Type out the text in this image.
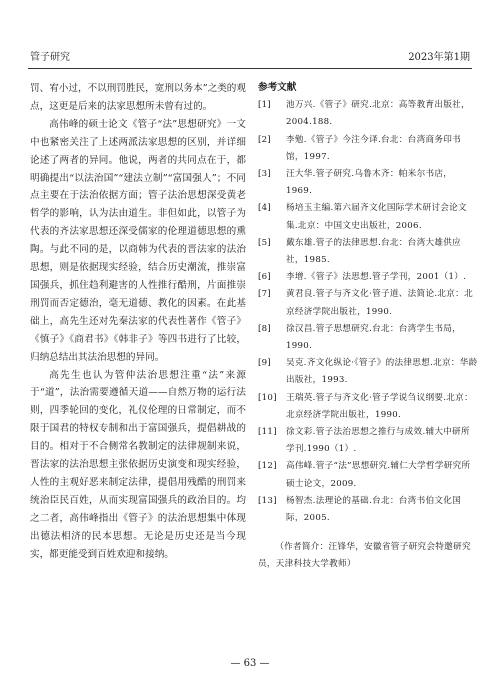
管子研究	2023年第1期

罚、宥小过，不以刑罚胜民，宽刑以务本”之类的观点，这更是后来的法家思想所未曾有过的。

高伟峰的硕士论文《管子“法”思想研究》一文中也紧密关注了上述两派法家思想的区别，并详细论述了两者的异同。他说，两者的共同点在于，都明确提出“以法治国”“建法立制”“富国强人”；不同点主要在于法治依据方面；管子法治思想深受黄老哲学的影响，认为法由道生。非但如此，以管子为代表的齐法家思想还深受儒家的伦理道德思想的熏陶。与此不同的是，以商韩为代表的晋法家的法治思想，则是依据现实经验，结合历史潮流，推崇富国强兵，抓住趋利避害的人性推行酷刑，片面推崇刑罚而否定德治，毫无道德、教化的因素。在此基础上，高先生还对先秦法家的代表性著作《管子》《慎子》《商君书》《韩非子》等四书进行了比较，归纳总结出其法治思想的异同。

高先生也认为管仲法治思想注重“法”来源于“道”，法治需要遵循天道——自然万物的运行法则，四季轮回的变化，礼仪伦理的日常制定，而不限于国君的特权专制和出于富国强兵，提倡耕战的目的。相对于不合侧常名教制定的法律规制来说，晋法家的法治思想主张依据历史演变和现实经验，人性的主观好恶来制定法律，提倡用残酷的刑罚来统治臣民百姓，从而实现富国强兵的政治目的。均之二者，高伟峰指出《管子》的法治思想集中体现出德法相济的民本思想。无论是历史还是当今现实，都更能受到百姓欢迎和接纳。

参考文献
[1]	池万兴.《管子》研究.北京：高等教育出版社，2004.188.
[2]	李勉.《管子》今注今译.台北：台湾商务印书馆，1997.
[3]	汪大华.管子研究.乌鲁木齐：帕米尔书店，1969.
[4]	杨培玉主编.第六届齐文化国际学术研讨会论文集.北京：中国文史出版社，2006.
[5]	戴东雄.管子的法律思想.台北：台湾大雄供应社，1985.
[6]	李增.《管子》法思想.管子学刊，2001（1）.
[7]	黄君良.管子与齐文化·管子道、法简论.北京：北京经济学院出版社，1990.
[8]	徐汉昌.管子思想研究.台北：台湾学生书局，1990.
[9]	吴克.齐文化纵论·《管子》的法律思想.北京：华龄出版社，1993.
[10]	王瑞英.管子与齐文化·管子学说刍议纲要.北京：北京经济学院出版社，1990.
[11]	徐文彩.管子法治思想之推行与成效.辅大中研所学刊.1990（1）.
[12]	高伟峰.管子“法”思想研究.辅仁大学哲学研究所硕士论文，2009.
[13]	杨智杰.法理论的基础.台北：台湾书伯文化国际，2005.
（作者简介：汪锋华，安徽省管子研究会特邀研究员，天津科技大学教师）
— 63 —
